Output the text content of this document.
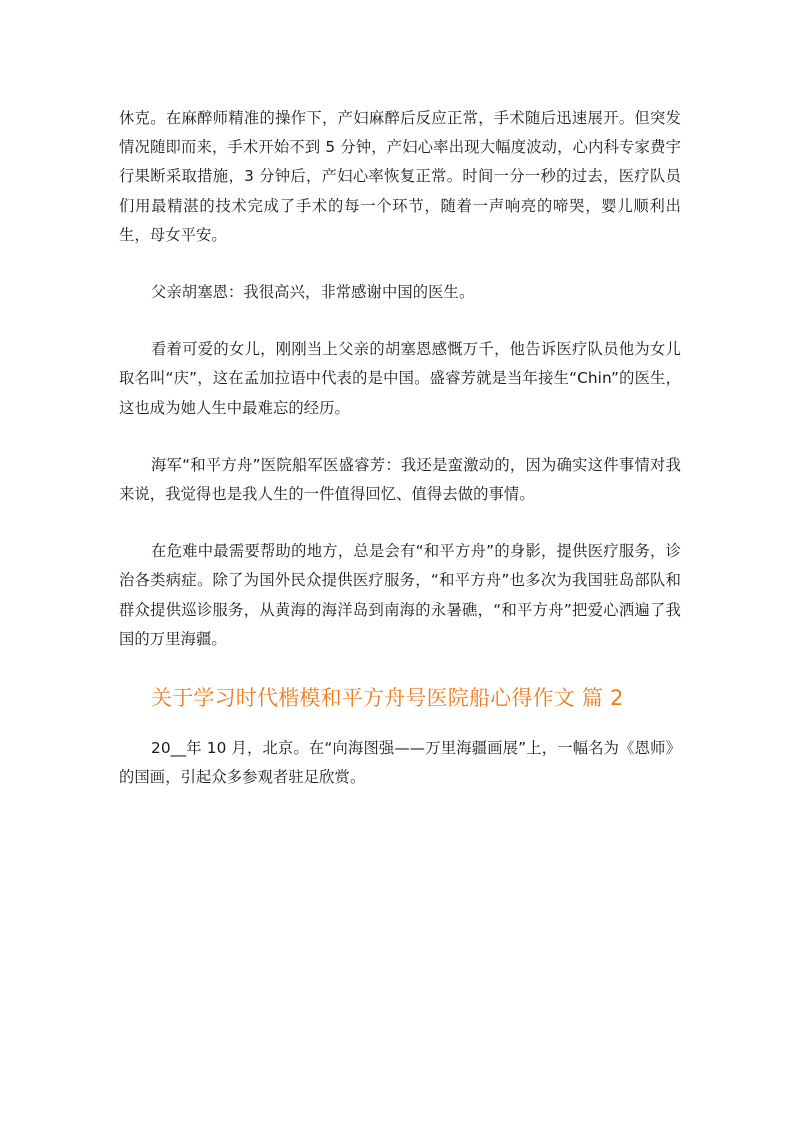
休克。在麻醉师精准的操作下，产妇麻醉后反应正常，手术随后迅速展开。但突发情况随即而来，手术开始不到 5 分钟，产妇心率出现大幅度波动，心内科专家费宇行果断采取措施，3 分钟后，产妇心率恢复正常。时间一分一秒的过去，医疗队员们用最精湛的技术完成了手术的每一个环节，随着一声响亮的啼哭，婴儿顺利出生，母女平安。

父亲胡塞恩：我很高兴，非常感谢中国的医生。

看着可爱的女儿，刚刚当上父亲的胡塞恩感慨万千，他告诉医疗队员他为女儿取名叫“庆”，这在孟加拉语中代表的是中国。盛睿芳就是当年接生“Chin”的医生，这也成为她人生中最难忘的经历。

海军“和平方舟”医院船军医盛睿芳：我还是蛮激动的，因为确实这件事情对我来说，我觉得也是我人生的一件值得回忆、值得去做的事情。

在危难中最需要帮助的地方，总是会有“和平方舟”的身影，提供医疗服务，诊治各类病症。除了为国外民众提供医疗服务，“和平方舟”也多次为我国驻岛部队和群众提供巡诊服务，从黄海的海洋岛到南海的永暑礁，“和平方舟”把爱心洒遍了我国的万里海疆。

关于学习时代楷模和平方舟号医院船心得作文 篇 2

20__年 10 月，北京。在“向海图强——万里海疆画展”上，一幅名为《恩师》的国画，引起众多参观者驻足欣赏。
